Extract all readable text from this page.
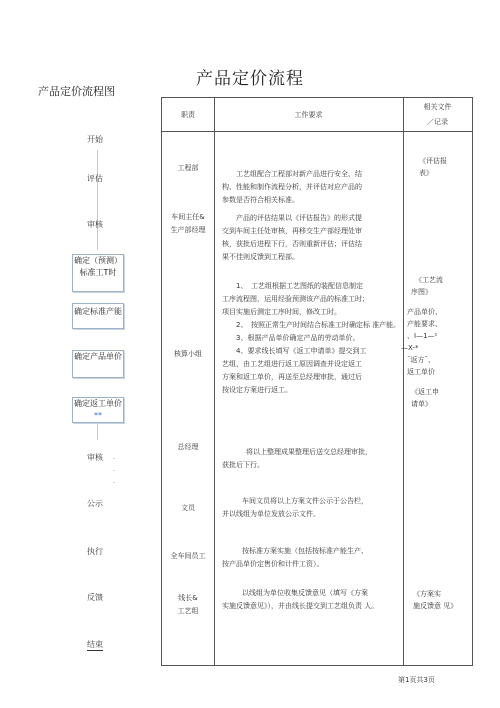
产品定价流程
产品定价流程图
开始
评估
审核
确定（预测）标准工T时
确定标准产能
确定产品单价
确定返工单价**
审核 -
-
-
公示
执行
反馈
结束
职责	工作要求
相关文件
／记录
工程部
车间主任&
生产部经理
核算小组
总经理
文员
全车间员工
线长&
工艺组
工艺组配合工程部对新产品进行安全、结
构、性能和制作流程分析，并评估对应产品的
参数是否符合相关标准。
产品的评估结果以《评估报告》的形式提
交到车间主任处审核，再移交生产部经理处审
核，获批后进程下行，否则重新评估；评估结
果不佳则反馈到工程部。
1、　工艺组根据工艺图纸的装配信息制定
工序流程图，运用经验预测该产品的标准工时；
项目实施后测定工序时间，修改工时。
2、　按照正常生产时间结合标准工时确定标 准产能。
3、根据产品单价确定产品的劳动单价。
4、要求线长填写《返工申请单》提交到工
艺组，由工艺组进行返工原因调查并设定返工
方案和返工单价，再送至总经理审批，通过后
按设定方案进行返工。
将以上整理成果整理后送交总经理审批，
获批后下行。
车间文员将以上方案文件公示于公告栏，
并以线组为单位发放公示文件。
按标准方案实施（包括按标准产能生产、
按产品单价定售价和计件工资）。
以线组为单位收集反馈意见（填写《方案
实施反馈意见》），并由线长提交到工艺组负责 人。
《评估报
表》
《工艺流
序图》
产品单价、
产能要求、
、I—1—¹
—X-*
¯返方¯、
返工单价
《返工申
请单》
《方案实
施反馈意 见》
第1页共3页
